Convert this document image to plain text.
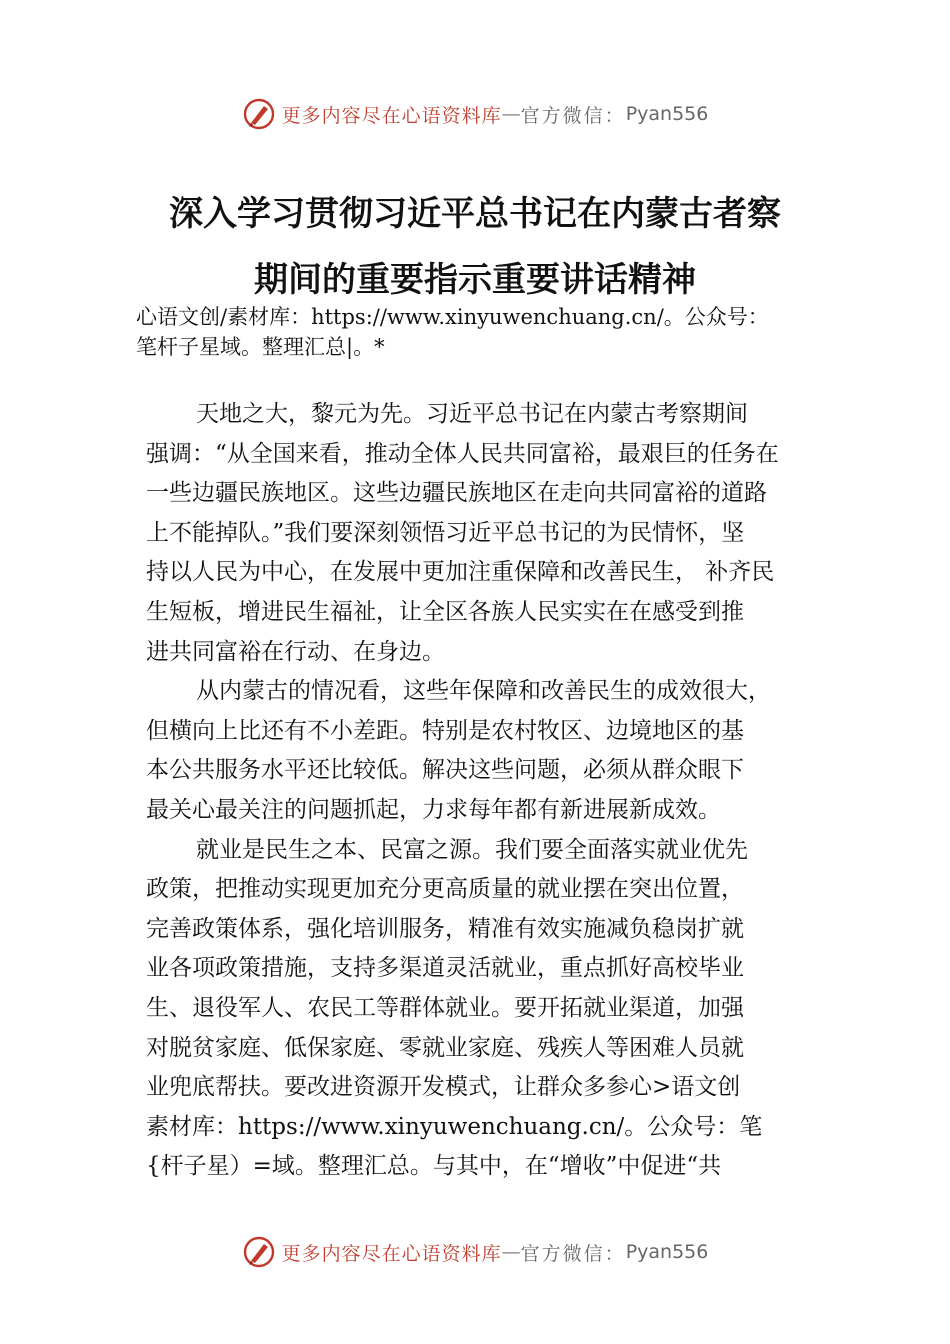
更多内容尽在心语资料库 — 官方微信： Pyan556
深入学习贯彻习近平总书记在内蒙古者察
期间的重要指示重要讲话精神
心语文创/素材库：https://www.xinyuwenchuang.cn/。公众号：
笔杆子星域。整理汇总|。*
天地之大，黎元为先。习近平总书记在内蒙古考察期间
强调：“从全国来看，推动全体人民共同富裕，最艰巨的任务在
一些边疆民族地区。这些边疆民族地区在走向共同富裕的道路
上不能掉队。”我们要深刻领悟习近平总书记的为民情怀，坚
持以人民为中心，在发展中更加注重保障和改善民生， 补齐民
生短板，增进民生福祉，让全区各族人民实实在在感受到推
进共同富裕在行动、在身边。
从内蒙古的情况看，这些年保障和改善民生的成效很大，
但横向上比还有不小差距。特别是农村牧区、边境地区的基
本公共服务水平还比较低。解决这些问题，必须从群众眼下
最关心最关注的问题抓起，力求每年都有新进展新成效。
就业是民生之本、民富之源。我们要全面落实就业优先
政策，把推动实现更加充分更高质量的就业摆在突出位置，
完善政策体系，强化培训服务，精准有效实施减负稳岗扩就
业各项政策措施，支持多渠道灵活就业，重点抓好高校毕业
生、退役军人、农民工等群体就业。要开拓就业渠道，加强
对脱贫家庭、低保家庭、零就业家庭、残疾人等困难人员就
业兜底帮扶。要改进资源开发模式，让群众多参心>语文创
素材库：https://www.xinyuwenchuang.cn/。公众号：笔
{杆子星）=域。整理汇总。与其中，在“增收”中促进“共
更多内容尽在心语资料库 — 官方微信： Pyan556
